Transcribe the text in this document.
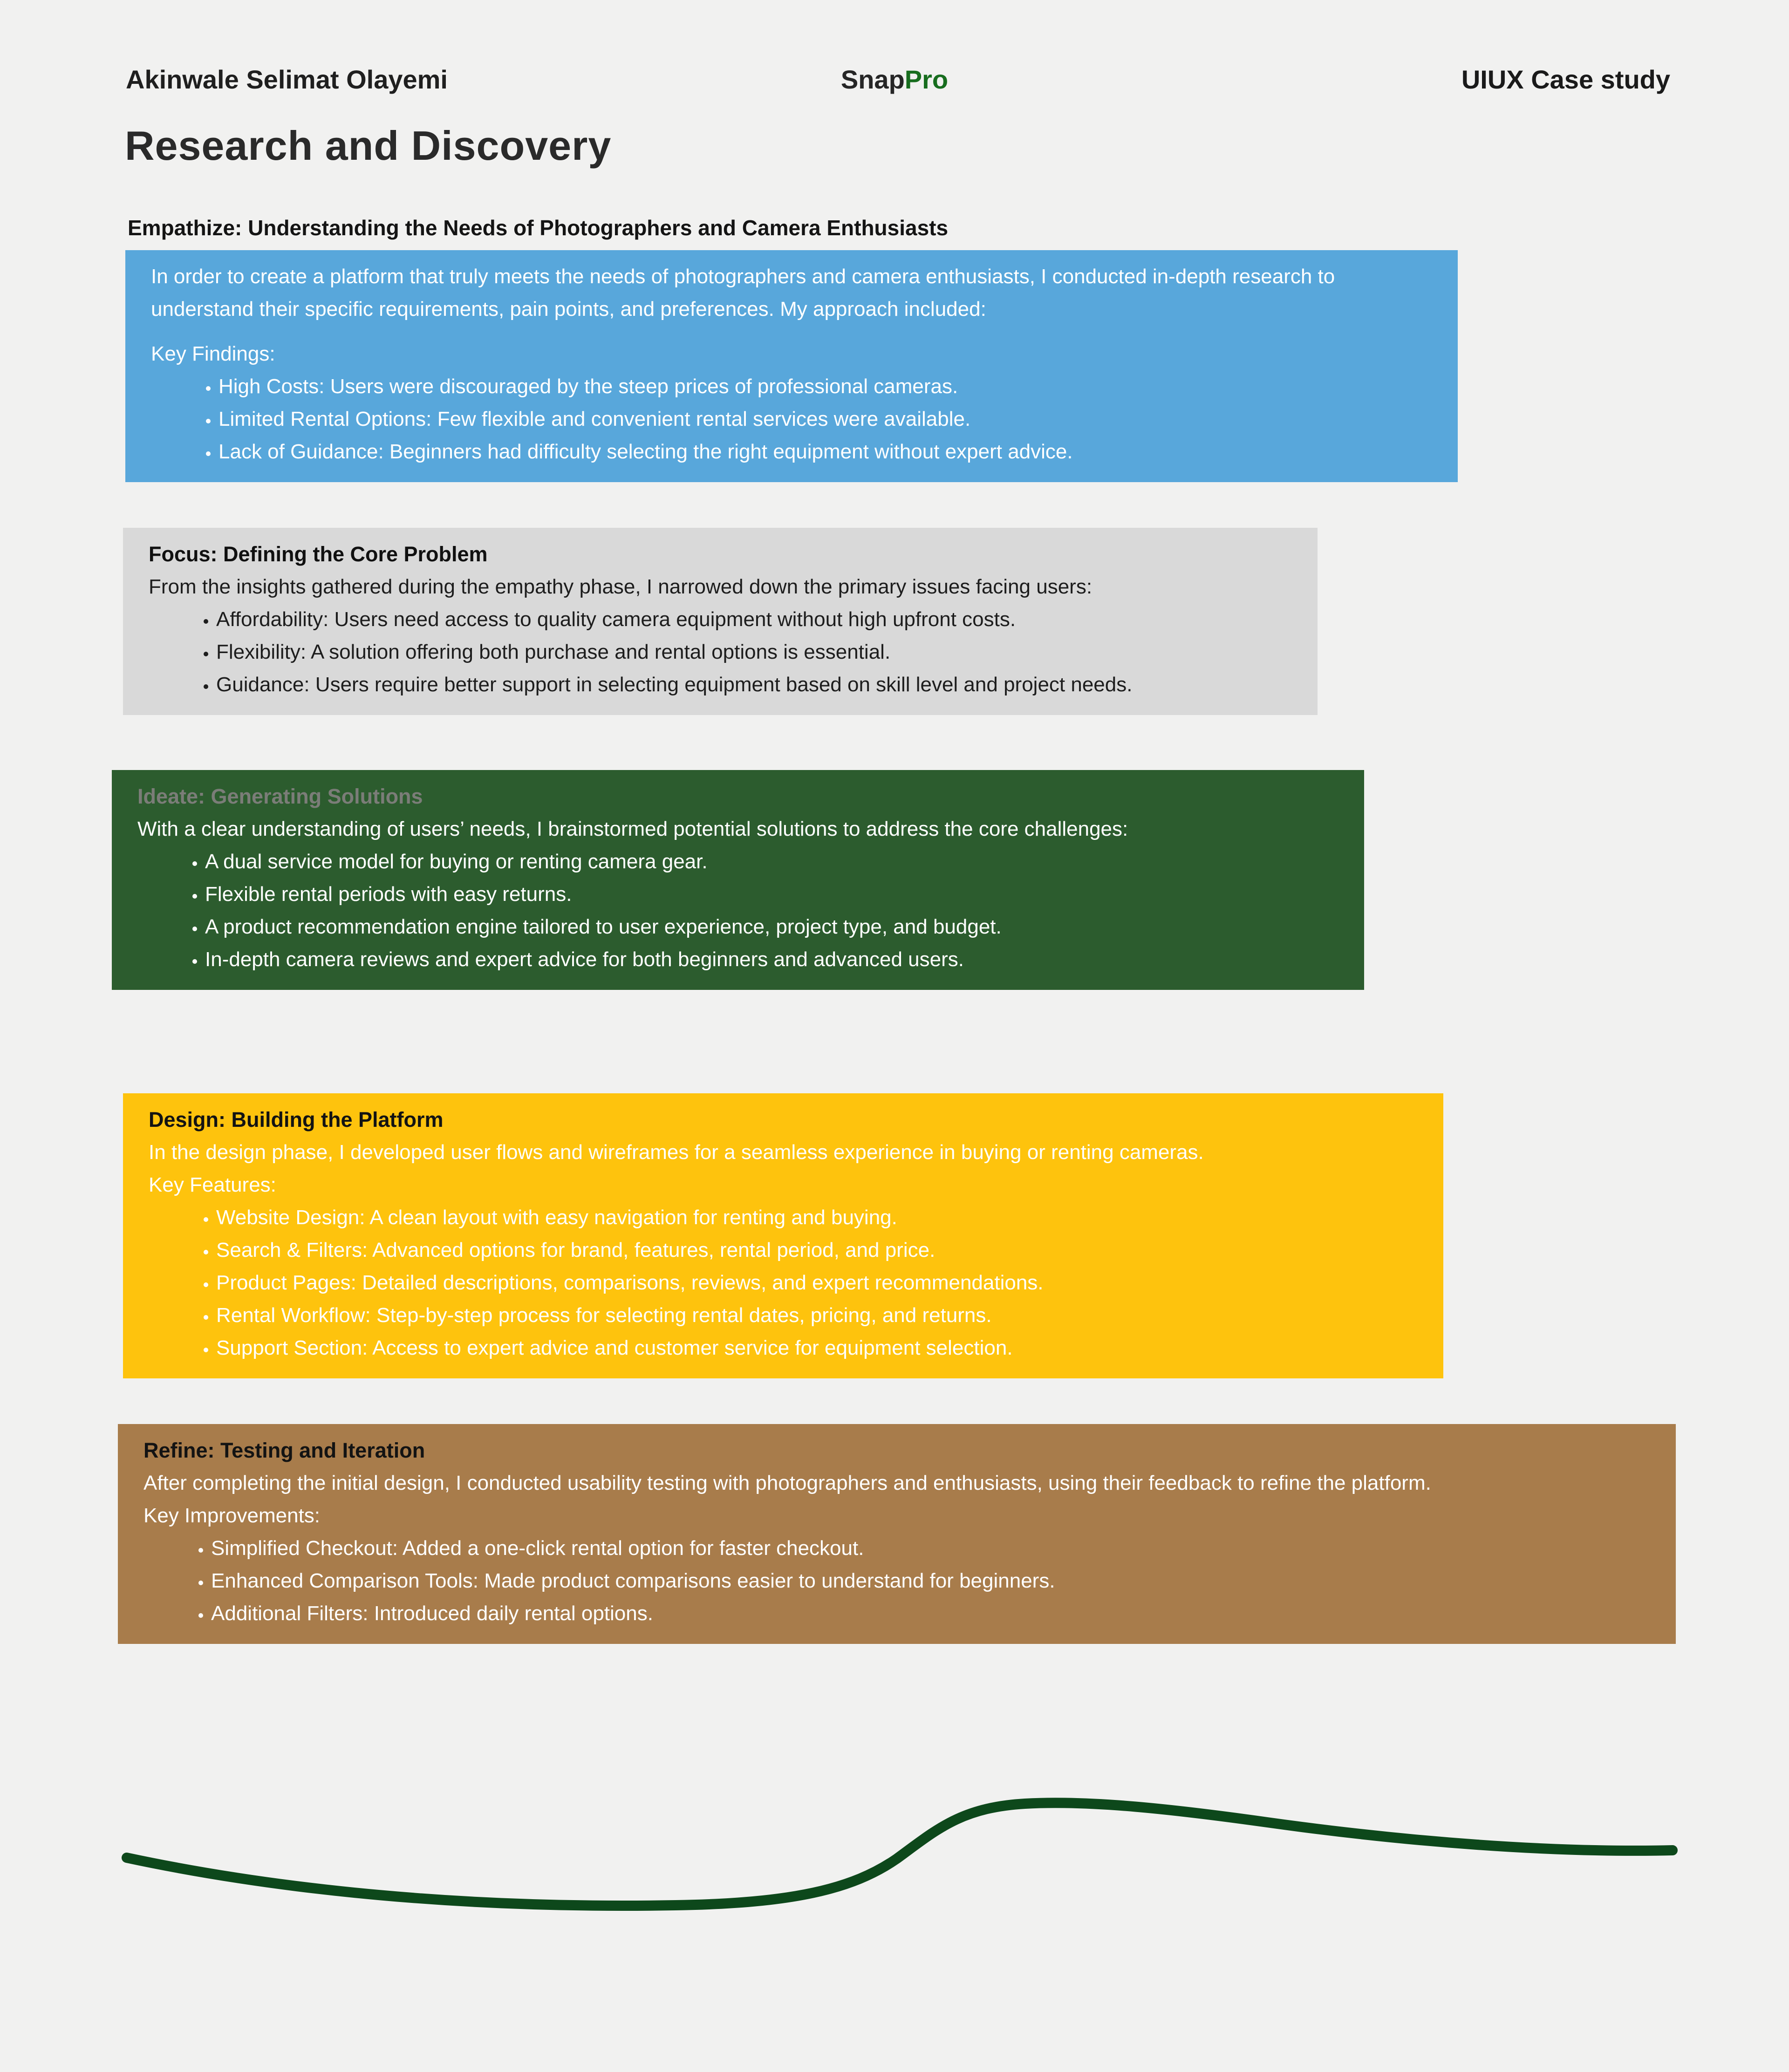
Akinwale Selimat Olayemi	SnapPro	UIUX Case study
Research and Discovery
Empathize: Understanding the Needs of Photographers and Camera Enthusiasts

In order to create a platform that truly meets the needs of photographers and camera enthusiasts, I conducted in-depth research to understand their specific requirements, pain points, and preferences. My approach included:

Key Findings:
• High Costs: Users were discouraged by the steep prices of professional cameras.
• Limited Rental Options: Few flexible and convenient rental services were available.
• Lack of Guidance: Beginners had difficulty selecting the right equipment without expert advice.
Focus: Defining the Core Problem

From the insights gathered during the empathy phase, I narrowed down the primary issues facing users:

• Affordability: Users need access to quality camera equipment without high upfront costs.
• Flexibility: A solution offering both purchase and rental options is essential.
• Guidance: Users require better support in selecting equipment based on skill level and project needs.
Ideate: Generating Solutions

With a clear understanding of users’ needs, I brainstormed potential solutions to address the core challenges:

• A dual service model for buying or renting camera gear.
• Flexible rental periods with easy returns.
• A product recommendation engine tailored to user experience, project type, and budget.
• In-depth camera reviews and expert advice for both beginners and advanced users.
Design: Building the Platform

In the design phase, I developed user flows and wireframes for a seamless experience in buying or renting cameras.

Key Features:
• Website Design: A clean layout with easy navigation for renting and buying.
• Search & Filters: Advanced options for brand, features, rental period, and price.
• Product Pages: Detailed descriptions, comparisons, reviews, and expert recommendations.
• Rental Workflow: Step-by-step process for selecting rental dates, pricing, and returns.
• Support Section: Access to expert advice and customer service for equipment selection.
Refine: Testing and Iteration

After completing the initial design, I conducted usability testing with photographers and enthusiasts, using their feedback to refine the platform.

Key Improvements:
• Simplified Checkout: Added a one-click rental option for faster checkout.
• Enhanced Comparison Tools: Made product comparisons easier to understand for beginners.
• Additional Filters: Introduced daily rental options.
